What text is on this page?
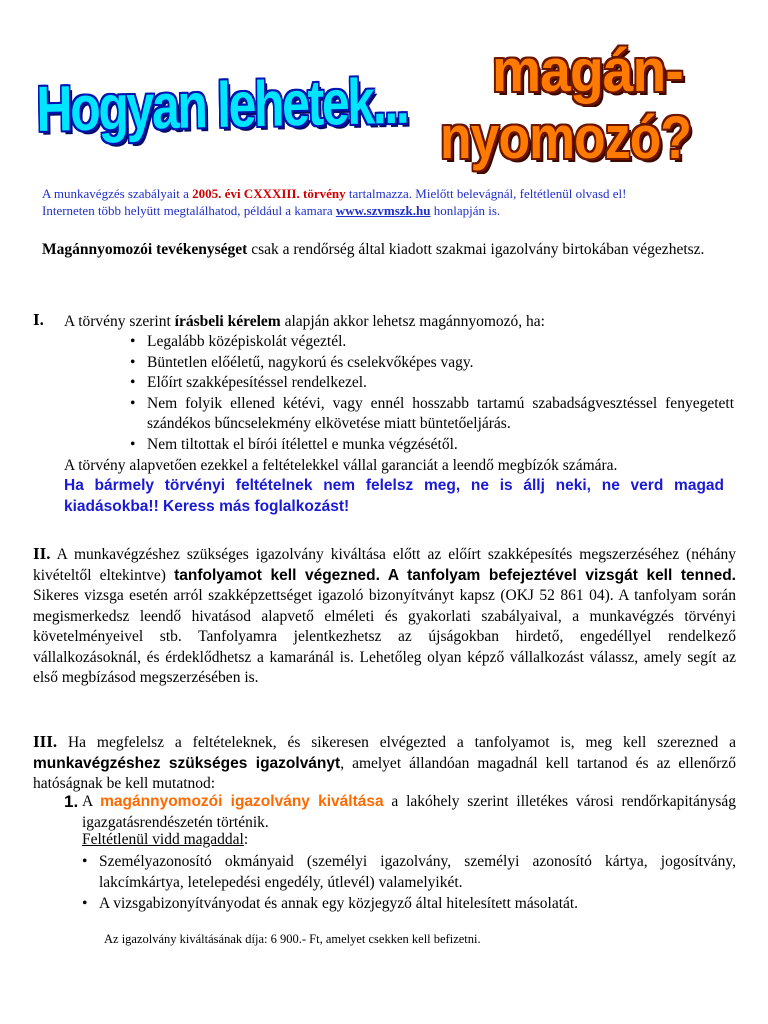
Hogyan lehetek... magán-
nyomozó?
A munkavégzés szabályait a 2005. évi CXXXIII. törvény tartalmazza. Mielőtt belevágnál, feltétlenül olvasd el!
Interneten több helyütt megtalálhatod, például a kamara www.szvmszk.hu honlapján is.
Magánnyomozói tevékenységet csak a rendőrség által kiadott szakmai igazolvány birtokában végezhetsz.
I. A törvény szerint írásbeli kérelem alapján akkor lehetsz magánnyomozó, ha:
• Legalább középiskolát végeztél.
• Büntetlen előéletű, nagykorú és cselekvőképes vagy.
• Előírt szakképesítéssel rendelkezel.
• Nem folyik ellened kétévi, vagy ennél hosszabb tartamú szabadságvesztéssel fenyegetett szándékos bűncselekmény elkövetése miatt büntetőeljárás.
• Nem tiltottak el bírói ítélettel e munka végzésétől.
A törvény alapvetően ezekkel a feltételekkel vállal garanciát a leendő megbízók számára.
Ha bármely törvényi feltételnek nem felelsz meg, ne is állj neki, ne verd magad kiadásokba!! Keress más foglalkozást!
II. A munkavégzéshez szükséges igazolvány kiváltása előtt az előírt szakképesítés megszerzéséhez (néhány kivételtől eltekintve) tanfolyamot kell végezned. A tanfolyam befejeztével vizsgát kell tenned. Sikeres vizsga esetén arról szakképzettséget igazoló bizonyítványt kapsz (OKJ 52 861 04). A tanfolyam során megismerkedsz leendő hivatásod alapvető elméleti és gyakorlati szabályaival, a munkavégzés törvényi követelményeivel stb. Tanfolyamra jelentkezhetsz az újságokban hirdető, engedéllyel rendelkező vállalkozásoknál, és érdeklődhetsz a kamaránál is. Lehetőleg olyan képző vállalkozást válassz, amely segít az első megbízásod megszerzésében is.
III. Ha megfelelsz a feltételeknek, és sikeresen elvégezted a tanfolyamot is, meg kell szerezned a munkavégzéshez szükséges igazolványt, amelyet állandóan magadnál kell tartanod és az ellenőrző hatóságnak be kell mutatnod:
1. A magánnyomozói igazolvány kiváltása a lakóhely szerint illetékes városi rendőrkapitányság igazgatásrendészetén történik.
Feltétlenül vidd magaddal:
• Személyazonosító okmányaid (személyi igazolvány, személyi azonosító kártya, jogosítvány, lakcímkártya, letelepedési engedély, útlevél) valamelyikét.
• A vizsgabizonyítványodat és annak egy közjegyző által hitelesített másolatát.
Az igazolvány kiváltásának díja: 6 900.- Ft, amelyet csekken kell befizetni.
